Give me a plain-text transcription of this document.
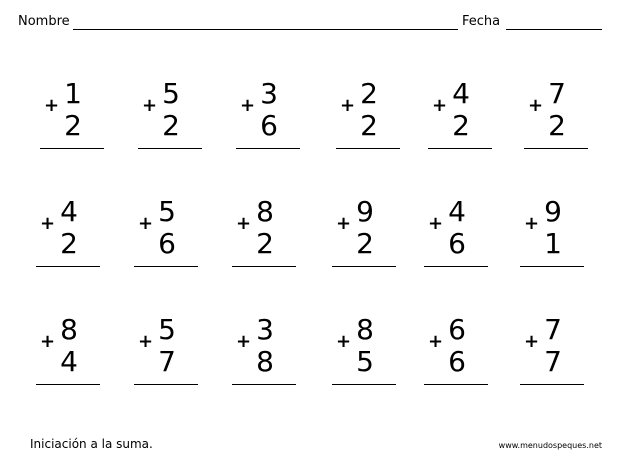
Nombre	Fecha
+ 1
2
+ 5
2
+ 3
6
+ 2
2
+ 4
2
+ 7
2
+ 4
2
+ 5
6
+ 8
2
+ 9
2
+ 4
6
+ 9
1
+ 8
4
+ 5
7
+ 3
8
+ 8
5
+ 6
6
+ 7
7
Iniciación a la suma.	www.menudospeques.net
